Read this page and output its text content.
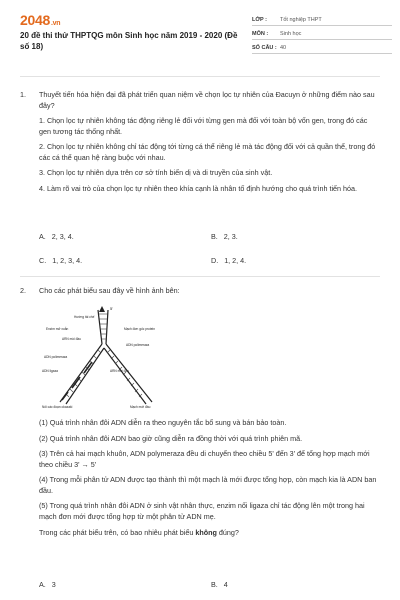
2048.vn
20 đề thi thử THPTQG môn Sinh học năm 2019 - 2020 (Đề số 18)
LỚP :	Tốt nghiệp THPT
MÔN :	Sinh học
SỐ CÂU : 40
1. Thuyết tiến hóa hiện đại đã phát triển quan niệm về chọn lọc tự nhiên của Đacuyn ở những điểm nào sau đây?

1. Chọn lọc tự nhiên không tác động riêng lẻ đối với từng gen mà đối với toàn bộ vốn gen, trong đó các gen tương tác thống nhất.

2. Chọn lọc tự nhiên không chỉ tác động tới từng cá thể riêng lẻ mà tác động đối với cả quần thể, trong đó các cá thể quan hệ ràng buộc với nhau.

3. Chọn lọc tự nhiên dựa trên cơ sở tính biến dị và di truyền của sinh vật.

4. Làm rõ vai trò của chọn lọc tự nhiên theo khía cạnh là nhân tố định hướng cho quá trình tiến hóa.

A. 2, 3, 4.	B. 2, 3.
C. 1, 2, 3, 4.	D. 1, 2, 4.
2. Cho các phát biểu sau đây về hình ảnh bên:
5'
Hướng tái chế
Enzim mở xoắn	Mạch đơn gốc protein
ARN mồi đầu
ADN polimeraza
ADN polimeraza
ADN ligaza	ARN mồi đầu
Nối các đoạn okazaki	Mạch mới đầu

(1) Quá trình nhân đôi ADN diễn ra theo nguyên tắc bổ sung và bán bảo toàn.

(2) Quá trình nhân đôi ADN bao giờ cũng diễn ra đồng thời với quá trình phiên mã.

(3) Trên cả hai mạch khuôn, ADN polymeraza đều di chuyển theo chiều 5' đến 3' để tổng hợp mạch mới theo chiều 3' → 5'

(4) Trong mỗi phân tử ADN được tạo thành thì một mạch là mới được tổng hợp, còn mạch kia là ADN ban đầu.

(5) Trong quá trình nhân đôi ADN ở sinh vật nhân thực, enzim nối ligaza chỉ tác động lên một trong hai mạch đơn mới được tổng hợp từ một phân tử ADN mẹ.

Trong các phát biểu trên, có bao nhiêu phát biểu không đúng?

A. 3	B. 4
